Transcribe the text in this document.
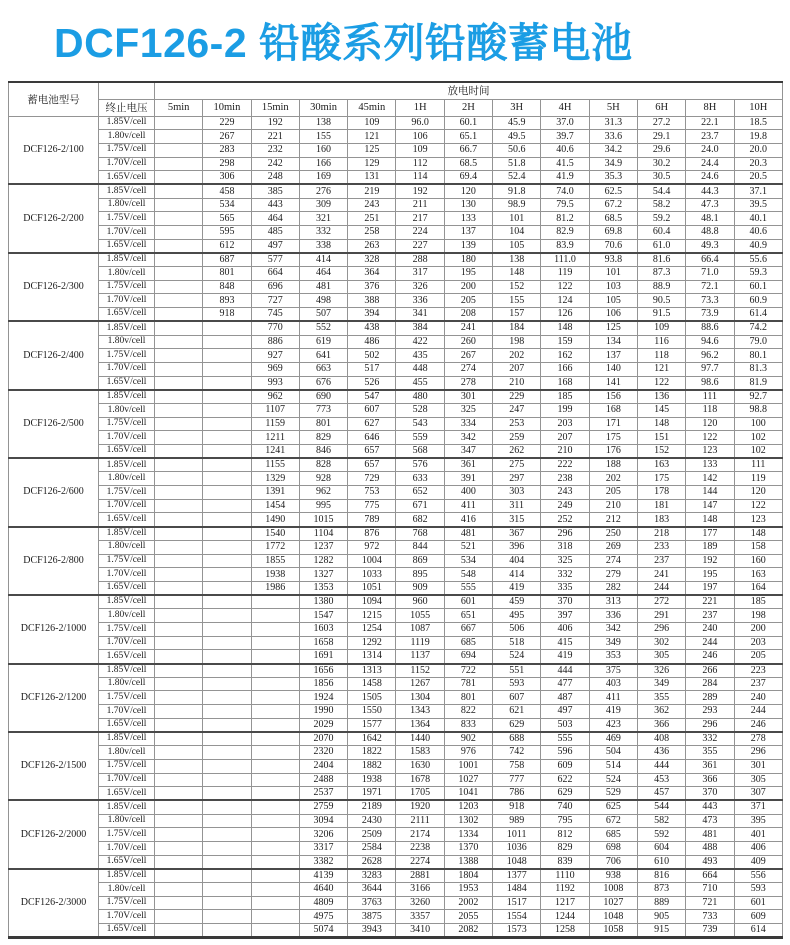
DCF126-2 铅酸系列铅酸蓄电池
蓄电池型号		放电时间												
	终止电压	5min	10min	15min	30min	45min	1H	2H	3H	4H	5H	6H	8H	10H
DCF126-2/100	1.85V/cell		229	192	138	109	96.0	60.1	45.9	37.0	31.3	27.2	22.1	18.5
	1.80v/cell		267	221	155	121	106	65.1	49.5	39.7	33.6	29.1	23.7	19.8
	1.75V/cell		283	232	160	125	109	66.7	50.6	40.6	34.2	29.6	24.0	20.0
	1.70V/cell		298	242	166	129	112	68.5	51.8	41.5	34.9	30.2	24.4	20.3
	1.65V/cell		306	248	169	131	114	69.4	52.4	41.9	35.3	30.5	24.6	20.5
DCF126-2/200	1.85V/cell		458	385	276	219	192	120	91.8	74.0	62.5	54.4	44.3	37.1
	1.80v/cell		534	443	309	243	211	130	98.9	79.5	67.2	58.2	47.3	39.5
	1.75V/cell		565	464	321	251	217	133	101	81.2	68.5	59.2	48.1	40.1
	1.70V/cell		595	485	332	258	224	137	104	82.9	69.8	60.4	48.8	40.6
	1.65V/cell		612	497	338	263	227	139	105	83.9	70.6	61.0	49.3	40.9
DCF126-2/300	1.85V/cell		687	577	414	328	288	180	138	111.0	93.8	81.6	66.4	55.6
	1.80v/cell		801	664	464	364	317	195	148	119	101	87.3	71.0	59.3
	1.75V/cell		848	696	481	376	326	200	152	122	103	88.9	72.1	60.1
	1.70V/cell		893	727	498	388	336	205	155	124	105	90.5	73.3	60.9
	1.65V/cell		918	745	507	394	341	208	157	126	106	91.5	73.9	61.4
DCF126-2/400	1.85V/cell			770	552	438	384	241	184	148	125	109	88.6	74.2
	1.80v/cell			886	619	486	422	260	198	159	134	116	94.6	79.0
	1.75V/cell			927	641	502	435	267	202	162	137	118	96.2	80.1
	1.70V/cell			969	663	517	448	274	207	166	140	121	97.7	81.3
	1.65V/cell			993	676	526	455	278	210	168	141	122	98.6	81.9
DCF126-2/500	1.85V/cell			962	690	547	480	301	229	185	156	136	111	92.7
	1.80v/cell			1107	773	607	528	325	247	199	168	145	118	98.8
	1.75V/cell			1159	801	627	543	334	253	203	171	148	120	100
	1.70V/cell			1211	829	646	559	342	259	207	175	151	122	102
	1.65V/cell			1241	846	657	568	347	262	210	176	152	123	102
DCF126-2/600	1.85V/cell			1155	828	657	576	361	275	222	188	163	133	111
	1.80v/cell			1329	928	729	633	391	297	238	202	175	142	119
	1.75V/cell			1391	962	753	652	400	303	243	205	178	144	120
	1.70V/cell			1454	995	775	671	411	311	249	210	181	147	122
	1.65V/cell			1490	1015	789	682	416	315	252	212	183	148	123
DCF126-2/800	1.85V/cell			1540	1104	876	768	481	367	296	250	218	177	148
	1.80v/cell			1772	1237	972	844	521	396	318	269	233	189	158
	1.75V/cell			1855	1282	1004	869	534	404	325	274	237	192	160
	1.70V/cell			1938	1327	1033	895	548	414	332	279	241	195	163
	1.65V/cell			1986	1353	1051	909	555	419	335	282	244	197	164
DCF126-2/1000	1.85V/cell				1380	1094	960	601	459	370	313	272	221	185
	1.80v/cell				1547	1215	1055	651	495	397	336	291	237	198
	1.75V/cell				1603	1254	1087	667	506	406	342	296	240	200
	1.70V/cell				1658	1292	1119	685	518	415	349	302	244	203
	1.65V/cell				1691	1314	1137	694	524	419	353	305	246	205
DCF126-2/1200	1.85V/cell				1656	1313	1152	722	551	444	375	326	266	223
	1.80v/cell				1856	1458	1267	781	593	477	403	349	284	237
	1.75V/cell				1924	1505	1304	801	607	487	411	355	289	240
	1.70V/cell				1990	1550	1343	822	621	497	419	362	293	244
	1.65V/cell				2029	1577	1364	833	629	503	423	366	296	246
DCF126-2/1500	1.85V/cell				2070	1642	1440	902	688	555	469	408	332	278
	1.80v/cell				2320	1822	1583	976	742	596	504	436	355	296
	1.75V/cell				2404	1882	1630	1001	758	609	514	444	361	301
	1.70V/cell				2488	1938	1678	1027	777	622	524	453	366	305
	1.65V/cell				2537	1971	1705	1041	786	629	529	457	370	307
DCF126-2/2000	1.85V/cell				2759	2189	1920	1203	918	740	625	544	443	371
	1.80v/cell				3094	2430	2111	1302	989	795	672	582	473	395
	1.75V/cell				3206	2509	2174	1334	1011	812	685	592	481	401
	1.70V/cell				3317	2584	2238	1370	1036	829	698	604	488	406
	1.65V/cell				3382	2628	2274	1388	1048	839	706	610	493	409
DCF126-2/3000	1.85V/cell				4139	3283	2881	1804	1377	1110	938	816	664	556
	1.80v/cell				4640	3644	3166	1953	1484	1192	1008	873	710	593
	1.75V/cell				4809	3763	3260	2002	1517	1217	1027	889	721	601
	1.70V/cell				4975	3875	3357	2055	1554	1244	1048	905	733	609
	1.65V/cell				5074	3943	3410	2082	1573	1258	1058	915	739	614
